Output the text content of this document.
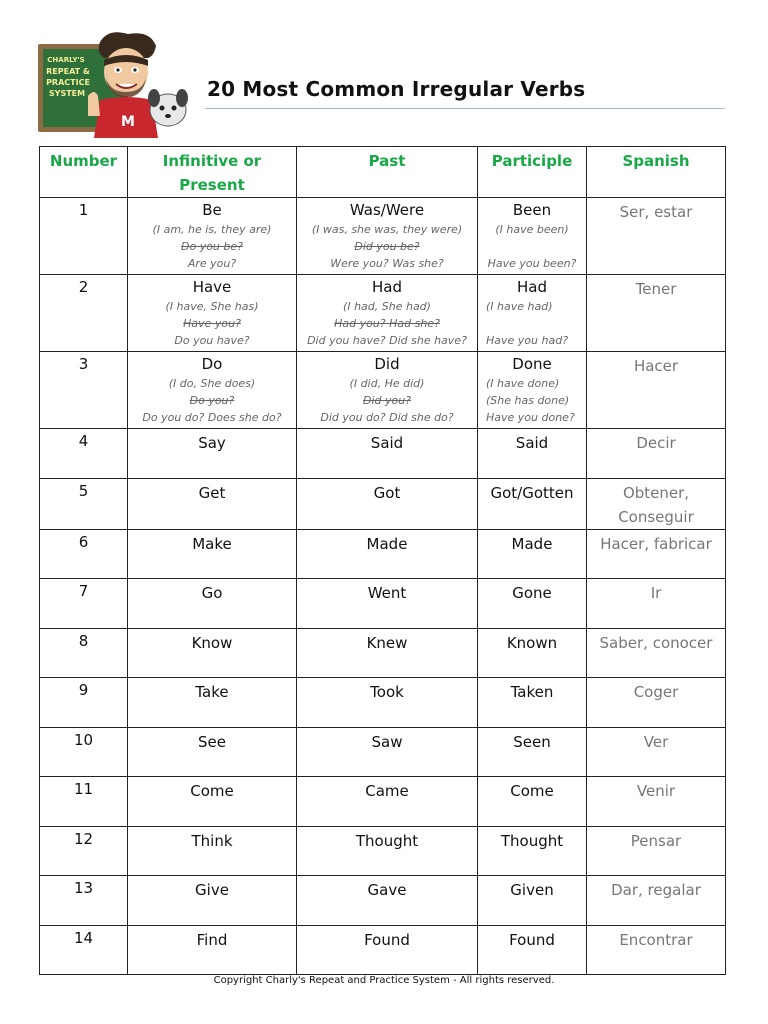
CHARLY'S
REPEAT &
PRACTICE
SYSTEM
M
20 Most Common Irregular Verbs
Number	Infinitive or Present	Past	Participle	Spanish
1	Be
(I am, he is, they are)
Do you be?
Are you?	Was/Were
(I was, she was, they were)
Did you be?
Were you? Was she?	Been
(I have been)

Have you been?	Ser, estar
2	Have
(I have, She has)
Have you?
Do you have?	Had
(I had, She had)
Had you? Had she?
Did you have? Did she have?	Had
(I have had)

Have you had?	Tener
3	Do
(I do, She does)
Do you?
Do you do? Does she do?	Did
(I did, He did)
Did you?
Did you do? Did she do?	Done
(I have done)
(She has done)
Have you done?	Hacer
4	Say	Said	Said	Decir
5	Get	Got	Got/Gotten	Obtener, Conseguir
6	Make	Made	Made	Hacer, fabricar
7	Go	Went	Gone	Ir
8	Know	Knew	Known	Saber, conocer
9	Take	Took	Taken	Coger
10	See	Saw	Seen	Ver
11	Come	Came	Come	Venir
12	Think	Thought	Thought	Pensar
13	Give	Gave	Given	Dar, regalar
14	Find	Found	Found	Encontrar
Copyright Charly's Repeat and Practice System - All rights reserved.
